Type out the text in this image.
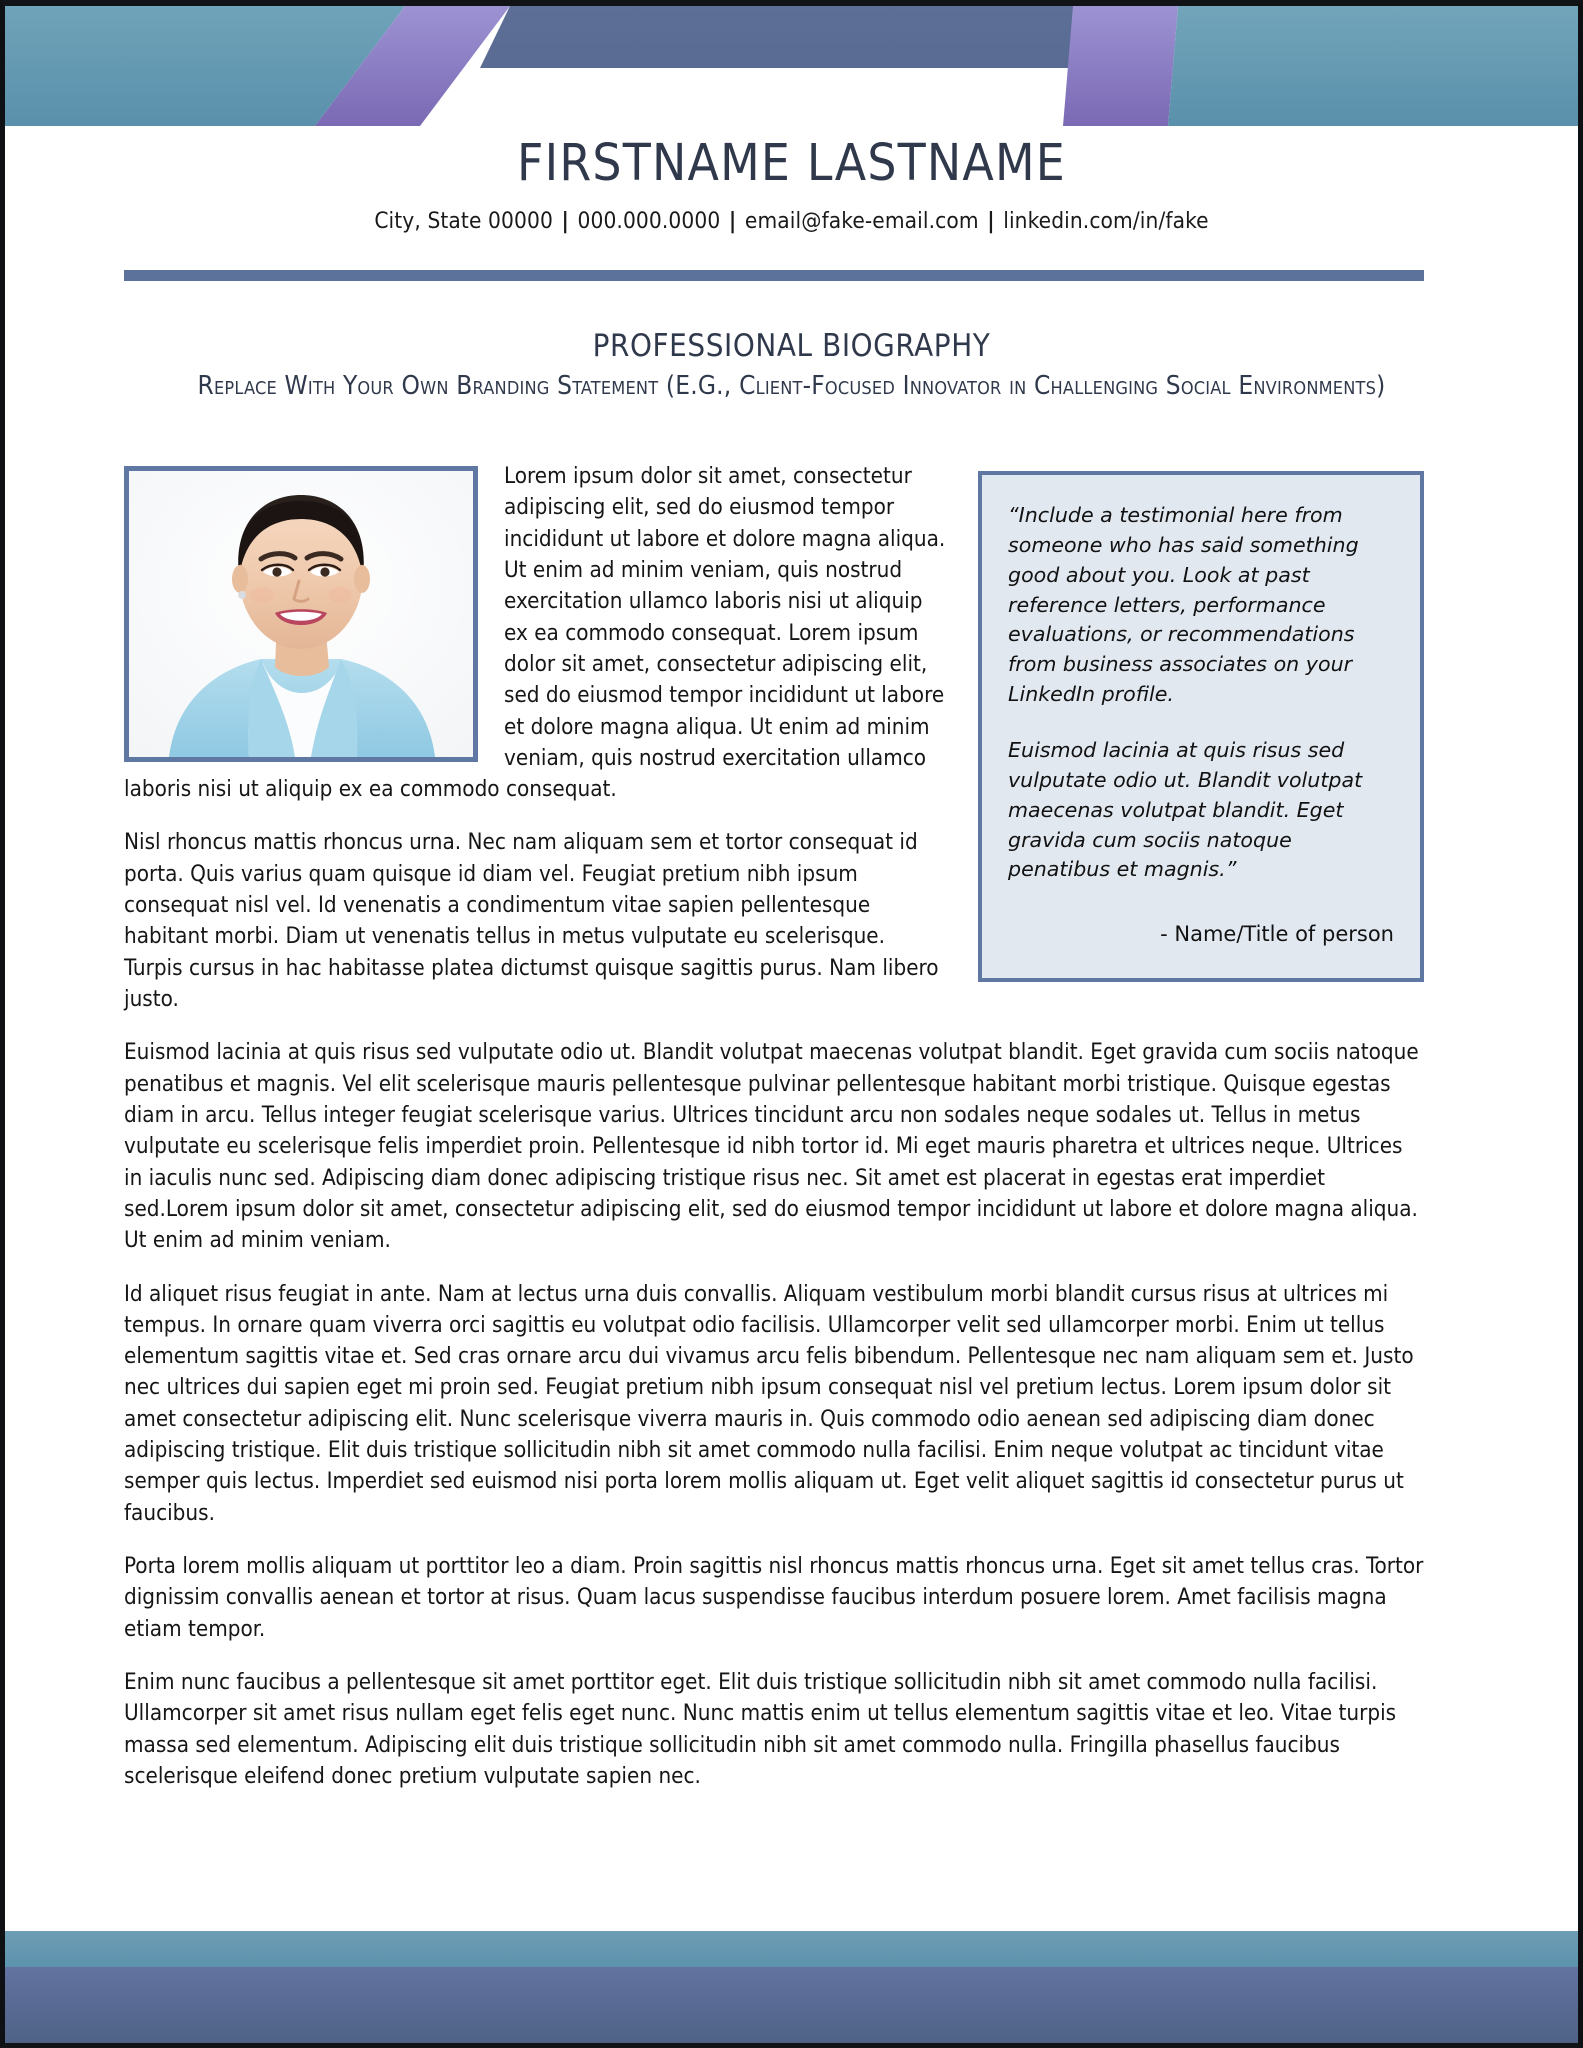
FIRSTNAME LASTNAME
City, State 00000 | 000.000.0000 | email@fake-email.com | linkedin.com/in/fake
PROFESSIONAL BIOGRAPHY
Replace With Your Own Branding Statement (E.G., Client-Focused Innovator in Challenging Social Environments)

“Include a testimonial here from someone who has said something good about you. Look at past reference letters, performance evaluations, or recommendations from business associates on your LinkedIn profile.

Euismod lacinia at quis risus sed vulputate odio ut. Blandit volutpat maecenas volutpat blandit. Eget gravida cum sociis natoque penatibus et magnis.”

- Name/Title of person

Lorem ipsum dolor sit amet, consectetur adipiscing elit, sed do eiusmod tempor incididunt ut labore et dolore magna aliqua. Ut enim ad minim veniam, quis nostrud exercitation ullamco laboris nisi ut aliquip ex ea commodo consequat. Lorem ipsum dolor sit amet, consectetur adipiscing elit, sed do eiusmod tempor incididunt ut labore et dolore magna aliqua. Ut enim ad minim veniam, quis nostrud exercitation ullamco laboris nisi ut aliquip ex ea commodo consequat.

Nisl rhoncus mattis rhoncus urna. Nec nam aliquam sem et tortor consequat id porta. Quis varius quam quisque id diam vel. Feugiat pretium nibh ipsum consequat nisl vel. Id venenatis a condimentum vitae sapien pellentesque habitant morbi. Diam ut venenatis tellus in metus vulputate eu scelerisque. Turpis cursus in hac habitasse platea dictumst quisque sagittis purus. Nam libero justo.

Euismod lacinia at quis risus sed vulputate odio ut. Blandit volutpat maecenas volutpat blandit. Eget gravida cum sociis natoque penatibus et magnis. Vel elit scelerisque mauris pellentesque pulvinar pellentesque habitant morbi tristique. Quisque egestas diam in arcu. Tellus integer feugiat scelerisque varius. Ultrices tincidunt arcu non sodales neque sodales ut. Tellus in metus vulputate eu scelerisque felis imperdiet proin. Pellentesque id nibh tortor id. Mi eget mauris pharetra et ultrices neque. Ultrices in iaculis nunc sed. Adipiscing diam donec adipiscing tristique risus nec. Sit amet est placerat in egestas erat imperdiet sed.Lorem ipsum dolor sit amet, consectetur adipiscing elit, sed do eiusmod tempor incididunt ut labore et dolore magna aliqua. Ut enim ad minim veniam.

Id aliquet risus feugiat in ante. Nam at lectus urna duis convallis. Aliquam vestibulum morbi blandit cursus risus at ultrices mi tempus. In ornare quam viverra orci sagittis eu volutpat odio facilisis. Ullamcorper velit sed ullamcorper morbi. Enim ut tellus elementum sagittis vitae et. Sed cras ornare arcu dui vivamus arcu felis bibendum. Pellentesque nec nam aliquam sem et. Justo nec ultrices dui sapien eget mi proin sed. Feugiat pretium nibh ipsum consequat nisl vel pretium lectus. Lorem ipsum dolor sit amet consectetur adipiscing elit. Nunc scelerisque viverra mauris in. Quis commodo odio aenean sed adipiscing diam donec adipiscing tristique. Elit duis tristique sollicitudin nibh sit amet commodo nulla facilisi. Enim neque volutpat ac tincidunt vitae semper quis lectus. Imperdiet sed euismod nisi porta lorem mollis aliquam ut. Eget velit aliquet sagittis id consectetur purus ut faucibus.

Porta lorem mollis aliquam ut porttitor leo a diam. Proin sagittis nisl rhoncus mattis rhoncus urna. Eget sit amet tellus cras. Tortor dignissim convallis aenean et tortor at risus. Quam lacus suspendisse faucibus interdum posuere lorem. Amet facilisis magna etiam tempor.

Enim nunc faucibus a pellentesque sit amet porttitor eget. Elit duis tristique sollicitudin nibh sit amet commodo nulla facilisi. Ullamcorper sit amet risus nullam eget felis eget nunc. Nunc mattis enim ut tellus elementum sagittis vitae et leo. Vitae turpis massa sed elementum. Adipiscing elit duis tristique sollicitudin nibh sit amet commodo nulla. Fringilla phasellus faucibus scelerisque eleifend donec pretium vulputate sapien nec.
